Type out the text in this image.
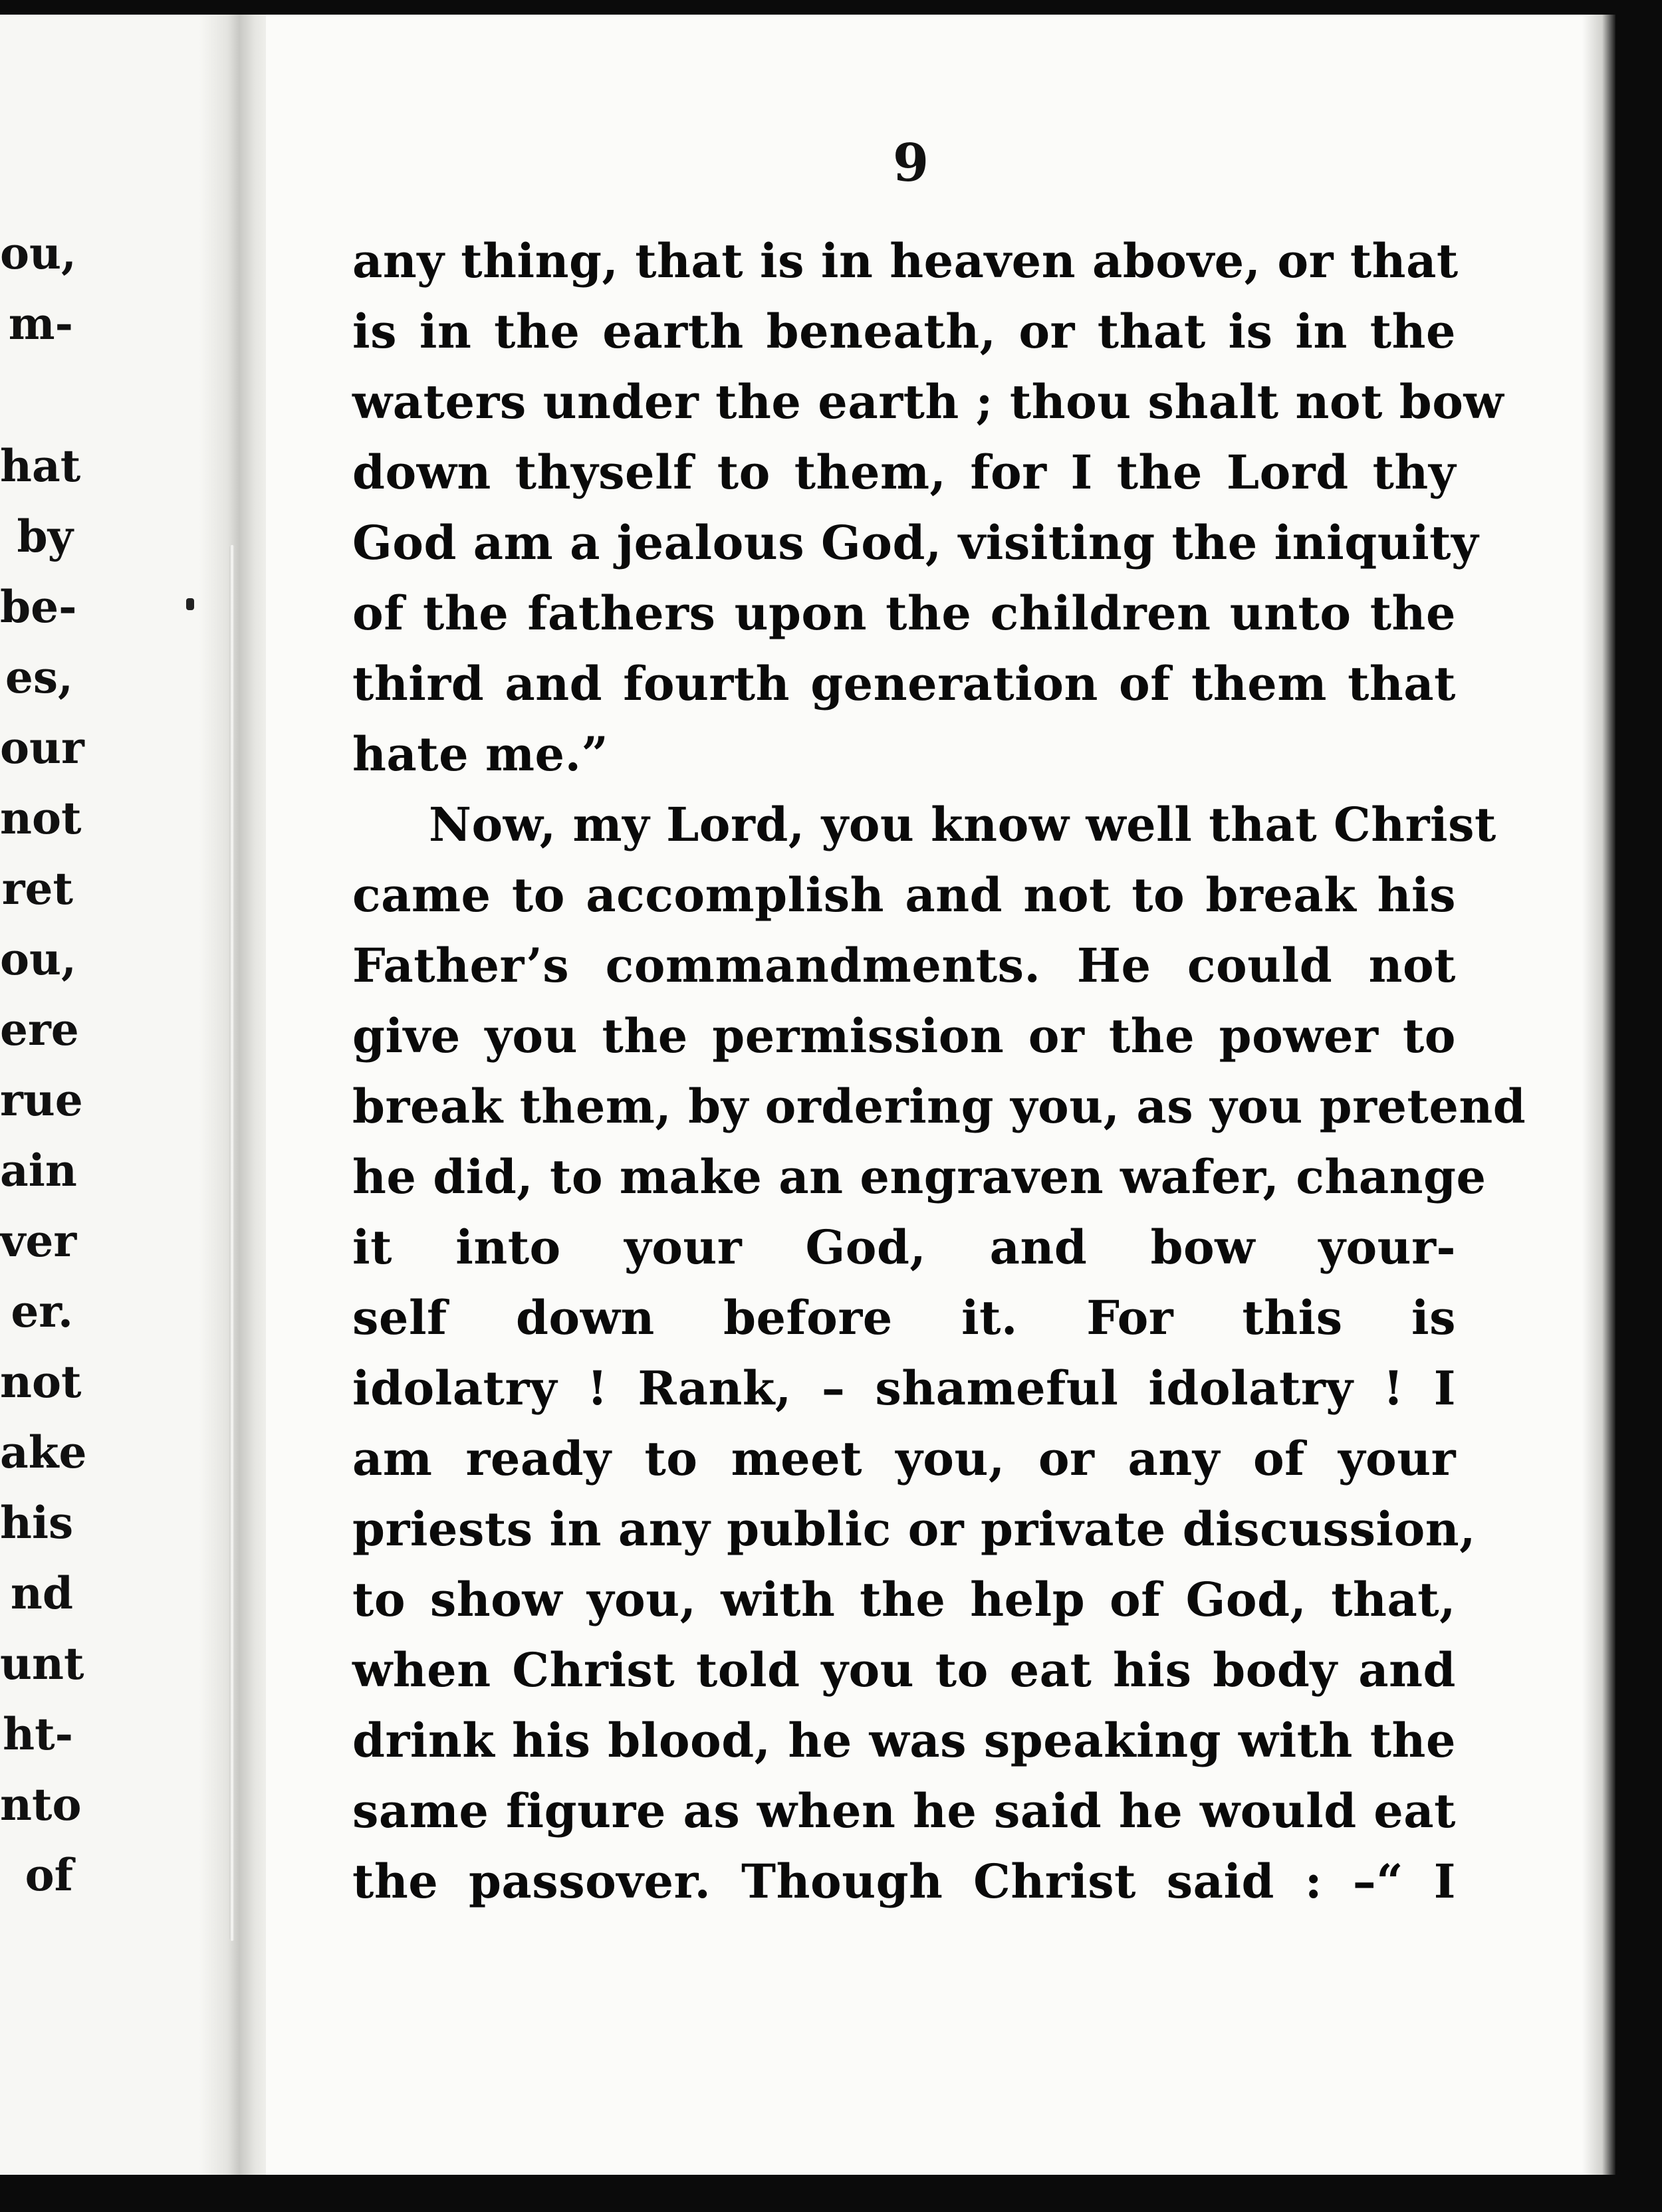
ou,
m-
hat
by
be-
es,
our
not
ret
ou,
ere
rue
ain
ver
er.
not
ake
his
nd
unt
ht-
nto
of
9
any thing, that is in heaven above, or that
is in the earth beneath, or that is in the
waters under the earth ; thou shalt not bow
down thyself to them, for I the Lord thy
God am a jealous God, visiting the iniquity
of the fathers upon the children unto the
third and fourth generation of them that
hate me.”
Now, my Lord, you know well that Christ
came to accomplish and not to break his
Father’s commandments. He could not
give you the permission or the power to
break them, by ordering you, as you pretend
he did, to make an engraven wafer, change
it into your God, and bow your-
self down before it. For this is
idolatry ! Rank, – shameful idolatry ! I
am ready to meet you, or any of your
priests in any public or private discussion,
to show you, with the help of God, that,
when Christ told you to eat his body and
drink his blood, he was speaking with the
same figure as when he said he would eat
the passover. Though Christ said : –“ I
